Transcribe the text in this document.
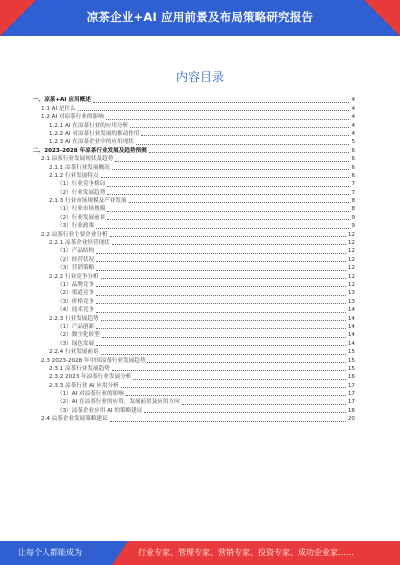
凉茶企业+AI 应用前景及布局策略研究报告
内容目录
一、凉茶+AI 应用概述	4
1.1 AI 是什么	4
1.2 AI 对凉茶行业的影响	4
1.2.1 AI 在凉茶行业的应用分析	4
1.2.2 AI 对凉茶行业发展的推动作用	4
1.2.3 AI 在凉茶企业中的应用现状	5
二、2023-2028 年凉茶行业发展及趋势预测	6
2.1 凉茶行业发展现状及趋势	6
2.1.1 凉茶行业发展概况	6
2.1.2 行业发展特点	6
（1）行业竞争格局	7
（2）行业发展趋势	7
2.1.3 行业市场规模及产业发展	8
（1）行业市场规模	8
（2）行业发展前景	9
（3）行业政策	9
2.2 凉茶行业主要企业分析	12
2.2.1 凉茶企业经营现状	12
（1）产品结构	12
（2）经营状况	12
（3）营销策略	12
2.2.2 行业竞争分析	12
（1）品牌竞争	12
（2）渠道竞争	13
（3）价格竞争	13
（4）技术竞争	14
2.2.3 行业发展趋势	14
（1）产品创新	14
（2）数字化转型	14
（3）绿色发展	14
2.2.4 行业发展前景	15
2.3 2023-2028 年中国凉茶行业发展趋势	15
2.3.1 凉茶行业发展趋势	15
2.3.2 2023 年凉茶行业发展分析	16
2.3.3 凉茶行业 AI 应用分析	17
（1）AI 对凉茶行业的影响	17
（2）AI 在凉茶行业的应用，发展前景及应用方向	17
（3）凉茶企业应用 AI 的策略建议	18
2.4 凉茶企业发展策略建议	20
让每个人都能成为	行业专家、管理专家、营销专家、投资专家、成功企业家……
